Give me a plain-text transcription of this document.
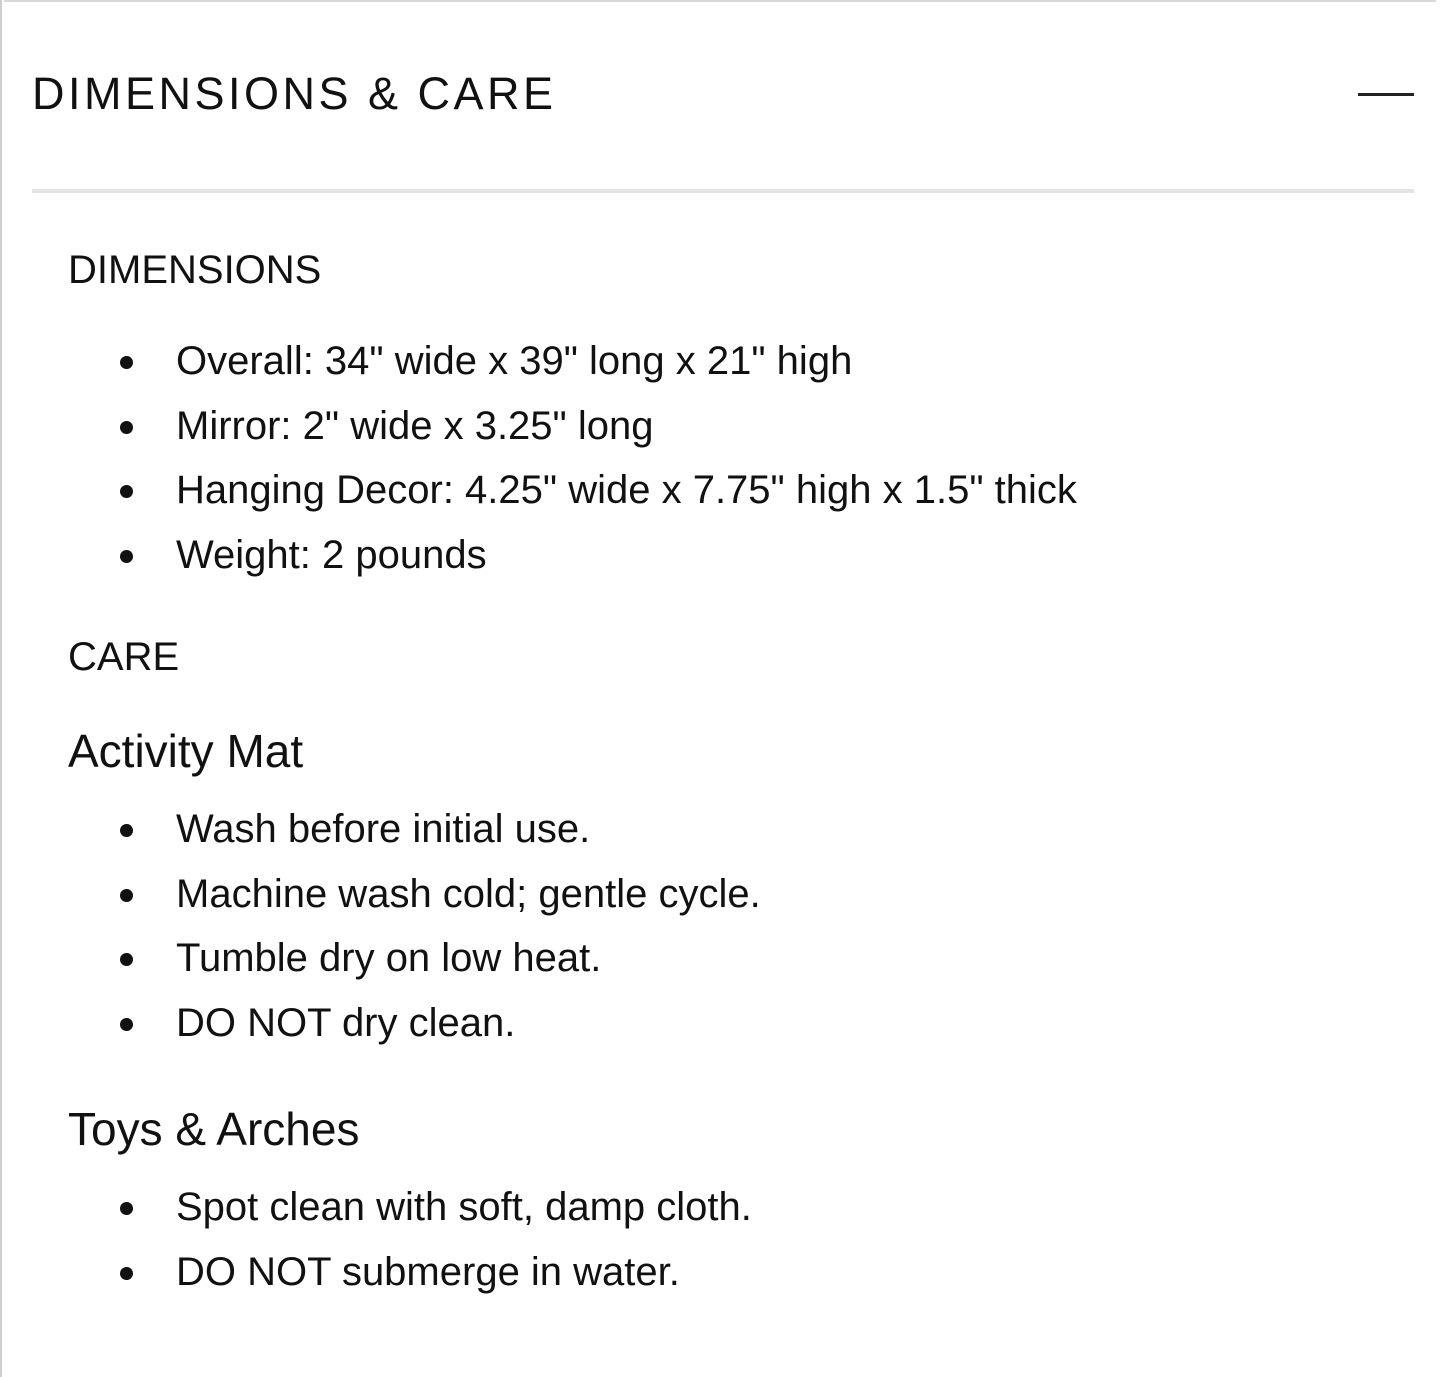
DIMENSIONS & CARE
DIMENSIONS
Overall: 34" wide x 39" long x 21" high
Mirror: 2" wide x 3.25" long
Hanging Decor: 4.25" wide x 7.75" high x 1.5" thick
Weight: 2 pounds
CARE
Activity Mat
Wash before initial use.
Machine wash cold; gentle cycle.
Tumble dry on low heat.
DO NOT dry clean.
Toys & Arches
Spot clean with soft, damp cloth.
DO NOT submerge in water.
